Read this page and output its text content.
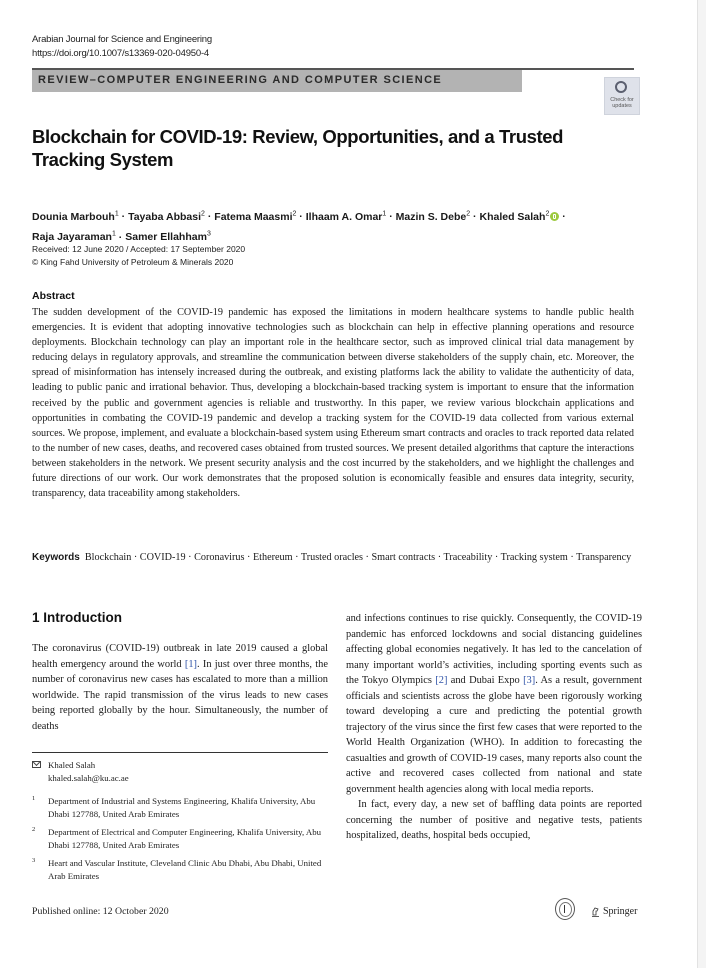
Arabian Journal for Science and Engineering
https://doi.org/10.1007/s13369-020-04950-4
REVIEW–COMPUTER ENGINEERING AND COMPUTER SCIENCE
Check for updates
Blockchain for COVID-19: Review, Opportunities, and a Trusted Tracking System
Dounia Marbouh$^1$ · Tayaba Abbasi$^2$ · Fatema Maasmi$^2$ · Ilhaam A. Omar$^1$ · Mazin S. Debe$^2$ · Khaled Salah$^2$ ·
Raja Jayaraman$^1$ · Samer Ellahham$^3$
Received: 12 June 2020 / Accepted: 17 September 2020
© King Fahd University of Petroleum & Minerals 2020
Abstract
The sudden development of the COVID-19 pandemic has exposed the limitations in modern healthcare systems to handle public health emergencies. It is evident that adopting innovative technologies such as blockchain can help in effective planning operations and resource deployments. Blockchain technology can play an important role in the healthcare sector, such as improved clinical trial data management by reducing delays in regulatory approvals, and streamline the communication between diverse stakeholders of the supply chain, etc. Moreover, the spread of misinformation has intensely increased during the outbreak, and existing platforms lack the ability to validate the authenticity of data, leading to public panic and irrational behavior. Thus, developing a blockchain-based tracking system is important to ensure that the information received by the public and government agencies is reliable and trustworthy. In this paper, we review various blockchain applications and opportunities in combating the COVID-19 pandemic and develop a tracking system for the COVID-19 data collected from various external sources. We propose, implement, and evaluate a blockchain-based system using Ethereum smart contracts and oracles to track reported data related to the number of new cases, deaths, and recovered cases obtained from trusted sources. We present detailed algorithms that capture the interactions between stakeholders in the network. We present security analysis and the cost incurred by the stakeholders, and we highlight the challenges and future directions of our work. Our work demonstrates that the proposed solution is economically feasible and ensures data integrity, security, transparency, data traceability among stakeholders.
Keywords Blockchain · COVID-19 · Coronavirus · Ethereum · Trusted oracles · Smart contracts · Traceability · Tracking system · Transparency
1 Introduction
The coronavirus (COVID-19) outbreak in late 2019 caused a global health emergency around the world [1]. In just over three months, the number of coronavirus new cases has escalated to more than a million worldwide. The rapid transmission of the virus leads to new cases being reported globally by the hour. Simultaneously, the number of deaths

and infections continues to rise quickly. Consequently, the COVID-19 pandemic has enforced lockdowns and social distancing guidelines affecting global economies negatively. It has led to the cancelation of many important world’s activities, including sporting events such as the Tokyo Olympics [2] and Dubai Expo [3]. As a result, government officials and scientists across the globe have been rigorously working toward developing a cure and predicting the potential growth trajectory of the virus since the first few cases that were reported to the World Health Organization (WHO). In addition to forecasting the casualties and growth of COVID-19 cases, many reports also count the active and recovered cases collected from national and state government health agencies along with local media reports.

In fact, every day, a new set of baffling data points are reported concerning the number of positive and negative tests, patients hospitalized, deaths, hospital beds occupied,

Khaled Salah
khaled.salah@ku.ac.ae
1 Department of Industrial and Systems Engineering, Khalifa University, Abu Dhabi 127788, United Arab Emirates
2 Department of Electrical and Computer Engineering, Khalifa University, Abu Dhabi 127788, United Arab Emirates
3 Heart and Vascular Institute, Cleveland Clinic Abu Dhabi, Abu Dhabi, United Arab Emirates
Published online: 12 October 2020	Springer
